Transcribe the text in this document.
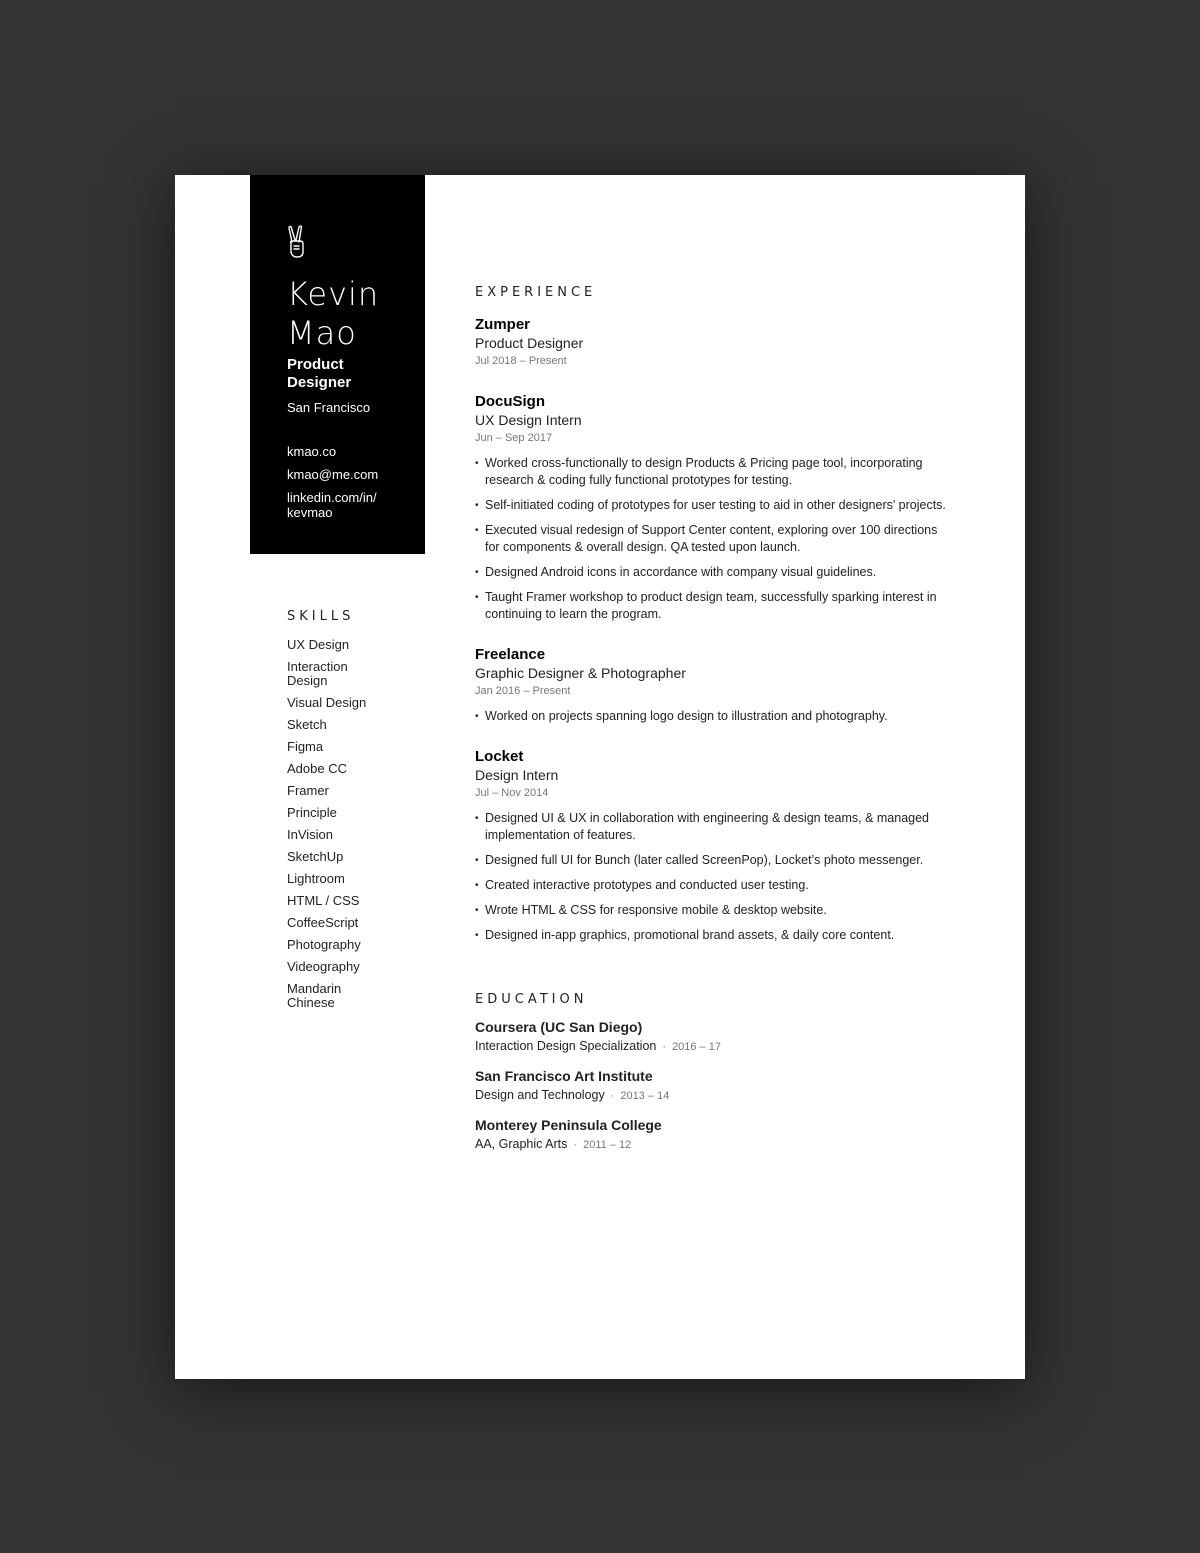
Kevin
Mao
Product Designer
San Francisco
kmao.co
kmao@me.com
linkedin.com/in/ kevmao
SKILLS
UX Design
Interaction Design
Visual Design
Sketch
Figma
Adobe CC
Framer
Principle
InVision
SketchUp
Lightroom
HTML / CSS
CoffeeScript
Photography
Videography
Mandarin Chinese
EXPERIENCE
Zumper
Product Designer
Jul 2018 – Present
DocuSign
UX Design Intern
Jun – Sep 2017
• Worked cross-functionally to design Products & Pricing page tool, incorporating research & coding fully functional prototypes for testing.
• Self-initiated coding of prototypes for user testing to aid in other designers’ projects.
• Executed visual redesign of Support Center content, exploring over 100 directions for components & overall design. QA tested upon launch.
• Designed Android icons in accordance with company visual guidelines.
• Taught Framer workshop to product design team, successfully sparking interest in continuing to learn the program.
Freelance
Graphic Designer & Photographer
Jan 2016 – Present
• Worked on projects spanning logo design to illustration and photography.
Locket
Design Intern
Jul – Nov 2014
• Designed UI & UX in collaboration with engineering & design teams, & managed implementation of features.
• Designed full UI for Bunch (later called ScreenPop), Locket’s photo messenger.
• Created interactive prototypes and conducted user testing.
• Wrote HTML & CSS for responsive mobile & desktop website.
• Designed in-app graphics, promotional brand assets, & daily core content.
EDUCATION
Coursera (UC San Diego)
Interaction Design Specialization · 2016 – 17
San Francisco Art Institute
Design and Technology · 2013 – 14
Monterey Peninsula College
AA, Graphic Arts · 2011 – 12
